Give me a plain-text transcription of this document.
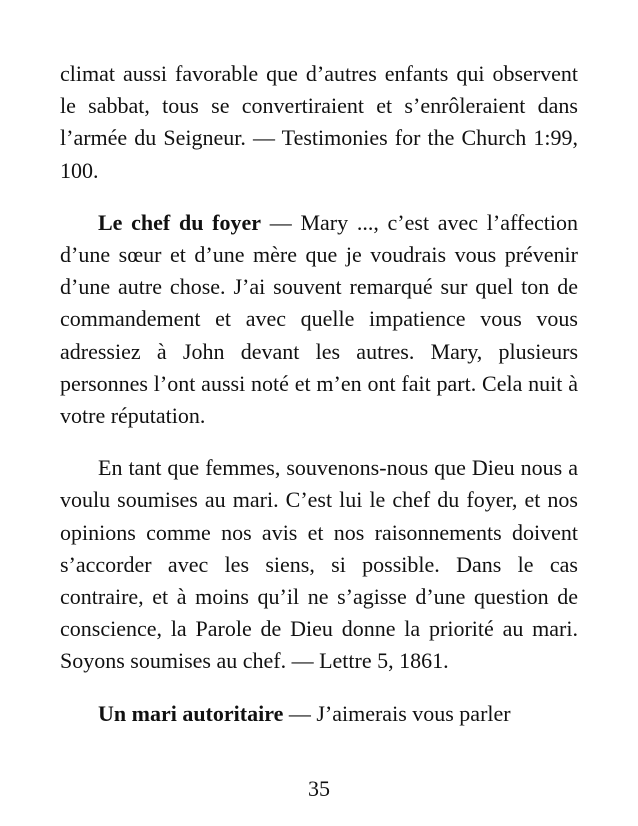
climat aussi favorable que d’autres enfants qui observent le sabbat, tous se convertiraient et s’enrôleraient dans l’armée du Seigneur. — Testimonies for the Church 1:99, 100.

Le chef du foyer — Mary ..., c’est avec l’affection d’une sœur et d’une mère que je voudrais vous prévenir d’une autre chose. J’ai souvent remarqué sur quel ton de commandement et avec quelle impatience vous vous adressiez à John devant les autres. Mary, plusieurs personnes l’ont aussi noté et m’en ont fait part. Cela nuit à votre réputation.

En tant que femmes, souvenons-nous que Dieu nous a voulu soumises au mari. C’est lui le chef du foyer, et nos opinions comme nos avis et nos raisonnements doivent s’accorder avec les siens, si possible. Dans le cas contraire, et à moins qu’il ne s’agisse d’une question de conscience, la Parole de Dieu donne la priorité au mari. Soyons soumises au chef. — Lettre 5, 1861.

Un mari autoritaire — J’aimerais vous parler

35
